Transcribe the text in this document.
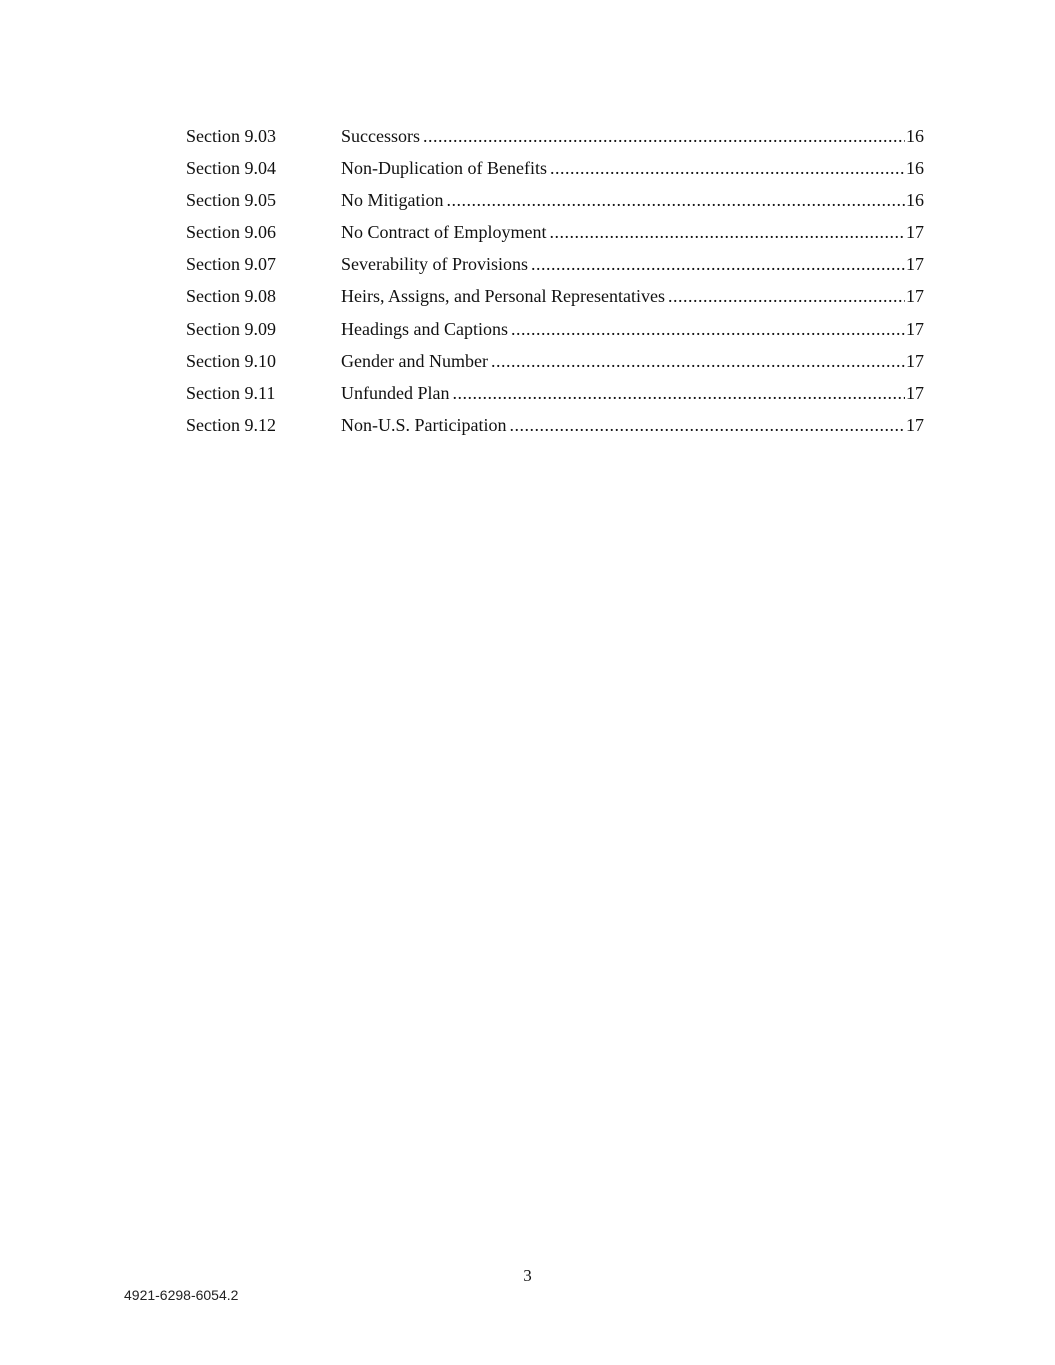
Section 9.03	Successors .....	16
Section 9.04	Non-Duplication of Benefits .....	16
Section 9.05	No Mitigation .....	16
Section 9.06	No Contract of Employment .....	17
Section 9.07	Severability of Provisions .....	17
Section 9.08	Heirs, Assigns, and Personal Representatives .....	17
Section 9.09	Headings and Captions .....	17
Section 9.10	Gender and Number .....	17
Section 9.11	Unfunded Plan .....	17
Section 9.12	Non-U.S. Participation .....	17
3
4921-6298-6054.2
